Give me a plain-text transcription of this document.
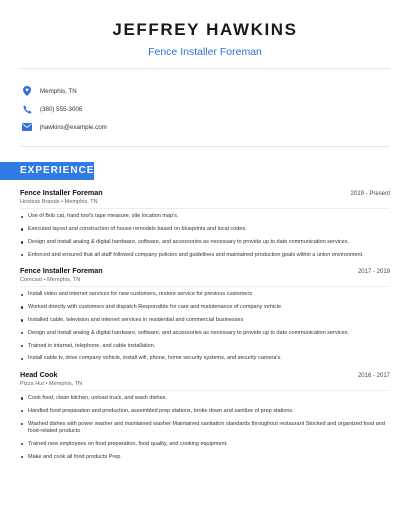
JEFFREY HAWKINS
Fence Installer Foreman
Memphis, TN
(380) 555-3006
jhawkins@example.com
EXPERIENCE
Fence Installer Foreman	2019 - Present
Hostess Brands • Memphis, TN
Use of Bob cat, hand tool's tape measure, site location map's.
Executed layout and construction of house remodels based on blueprints and local codes.
Design and install analog & digital hardware, software, and accessories as necessary to provide up to date communication services.
Enforced and ensured that all staff followed company policies and guidelines and maintained production goals within a union environment.
Fence Installer Foreman	2017 - 2019
Comcast • Memphis, TN
Install video and internet services for new customers, restore service for previous customers
Worked directly with customers and dispatch Responsible for care and maintenance of company vehicle
Installed cable, television and internet services in residential and commercial businesses
Design and install analog & digital hardware, software, and accessories as necessary to provide up to date communication services.
Trained in internet, telephone, and cable installation.
Install cable tv, drive company vehicle, install wifi, phone, home security systems, and security camera's.
Head Cook	2016 - 2017
Pizza Hut • Memphis, TN
Cook food, clean kitchen, unload truck, and wash dishes.
Handled food preparation and production, assembled prep stations, broke down and sanitize of prep stations.
Washed dishes with power washer and maintained washer Maintained sanitation standards throughout restaurant Stocked and organized food and food-related products
Trained new employees on food preparation, food quality, and cooking equipment.
Make and cook all food products Prep.
